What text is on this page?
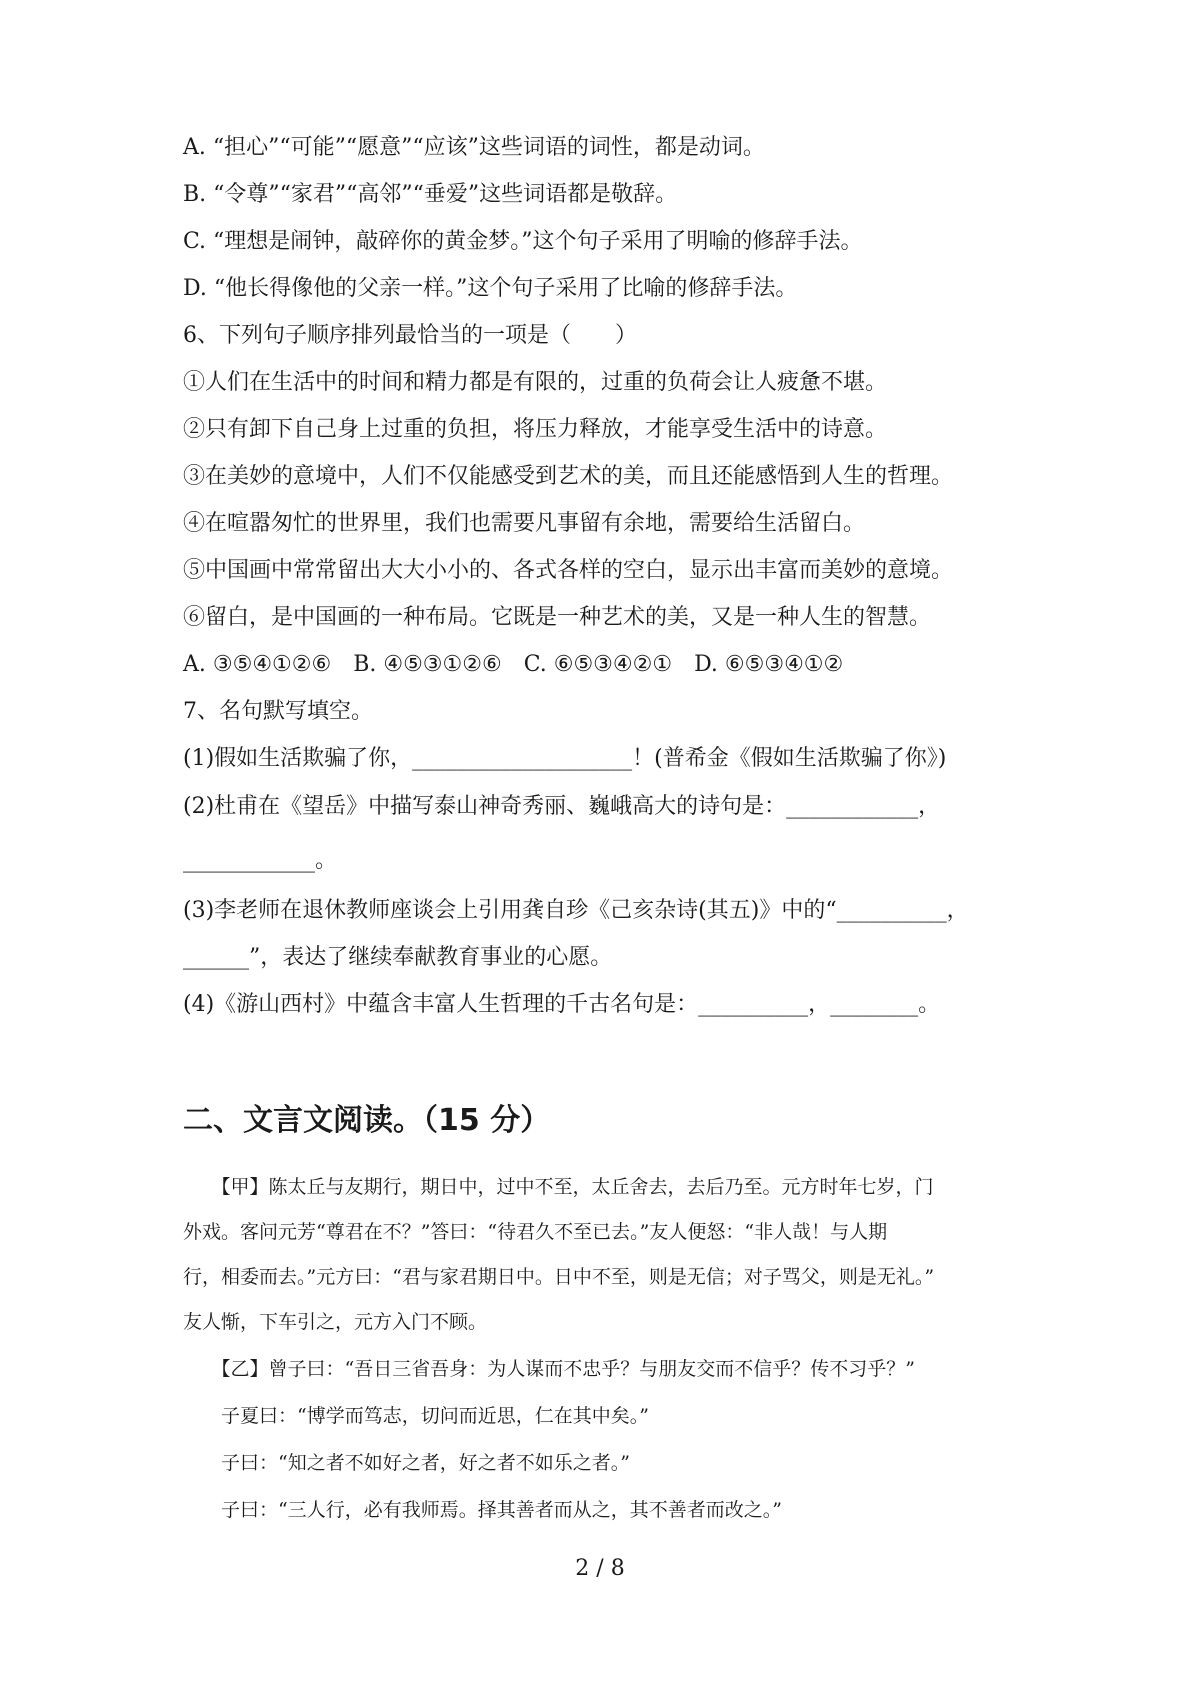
A. “担心”“可能”“愿意”“应该”这些词语的词性，都是动词。
B. “令尊”“家君”“高邻”“垂爱”这些词语都是敬辞。
C. “理想是闹钟，敲碎你的黄金梦。”这个句子采用了明喻的修辞手法。
D. “他长得像他的父亲一样。”这个句子采用了比喻的修辞手法。
6、下列句子顺序排列最恰当的一项是（　　）
①人们在生活中的时间和精力都是有限的，过重的负荷会让人疲惫不堪。
②只有卸下自己身上过重的负担，将压力释放，才能享受生活中的诗意。
③在美妙的意境中，人们不仅能感受到艺术的美，而且还能感悟到人生的哲理。
④在喧嚣匆忙的世界里，我们也需要凡事留有余地，需要给生活留白。
⑤中国画中常常留出大大小小的、各式各样的空白，显示出丰富而美妙的意境。
⑥留白，是中国画的一种布局。它既是一种艺术的美，又是一种人生的智慧。
A. ③⑤④①②⑥　B. ④⑤③①②⑥　C. ⑥⑤③④②①　D. ⑥⑤③④①②
7、名句默写填空。
(1)假如生活欺骗了你，____________________！(普希金《假如生活欺骗了你》)
(2)杜甫在《望岳》中描写泰山神奇秀丽、巍峨高大的诗句是：____________，
____________。
(3)李老师在退休教师座谈会上引用龚自珍《己亥杂诗(其五)》中的“__________，
______”，表达了继续奉献教育事业的心愿。
(4)《游山西村》中蕴含丰富人生哲理的千古名句是：__________，________。
二、文言文阅读。（15 分）
　　【甲】陈太丘与友期行，期日中，过中不至，太丘舍去，去后乃至。元方时年七岁，门
外戏。客问元芳“尊君在不？”答曰：“待君久不至已去。”友人便怒：“非人哉！与人期
行，相委而去。”元方曰：“君与家君期日中。日中不至，则是无信；对子骂父，则是无礼。”
友人惭，下车引之，元方入门不顾。
　　【乙】曾子曰：“吾日三省吾身：为人谋而不忠乎？与朋友交而不信乎？传不习乎？”
　　子夏曰：“博学而笃志，切问而近思，仁在其中矣。”
　　子曰：“知之者不如好之者，好之者不如乐之者。”
　　子曰：“三人行，必有我师焉。择其善者而从之，其不善者而改之。”
2 / 8
